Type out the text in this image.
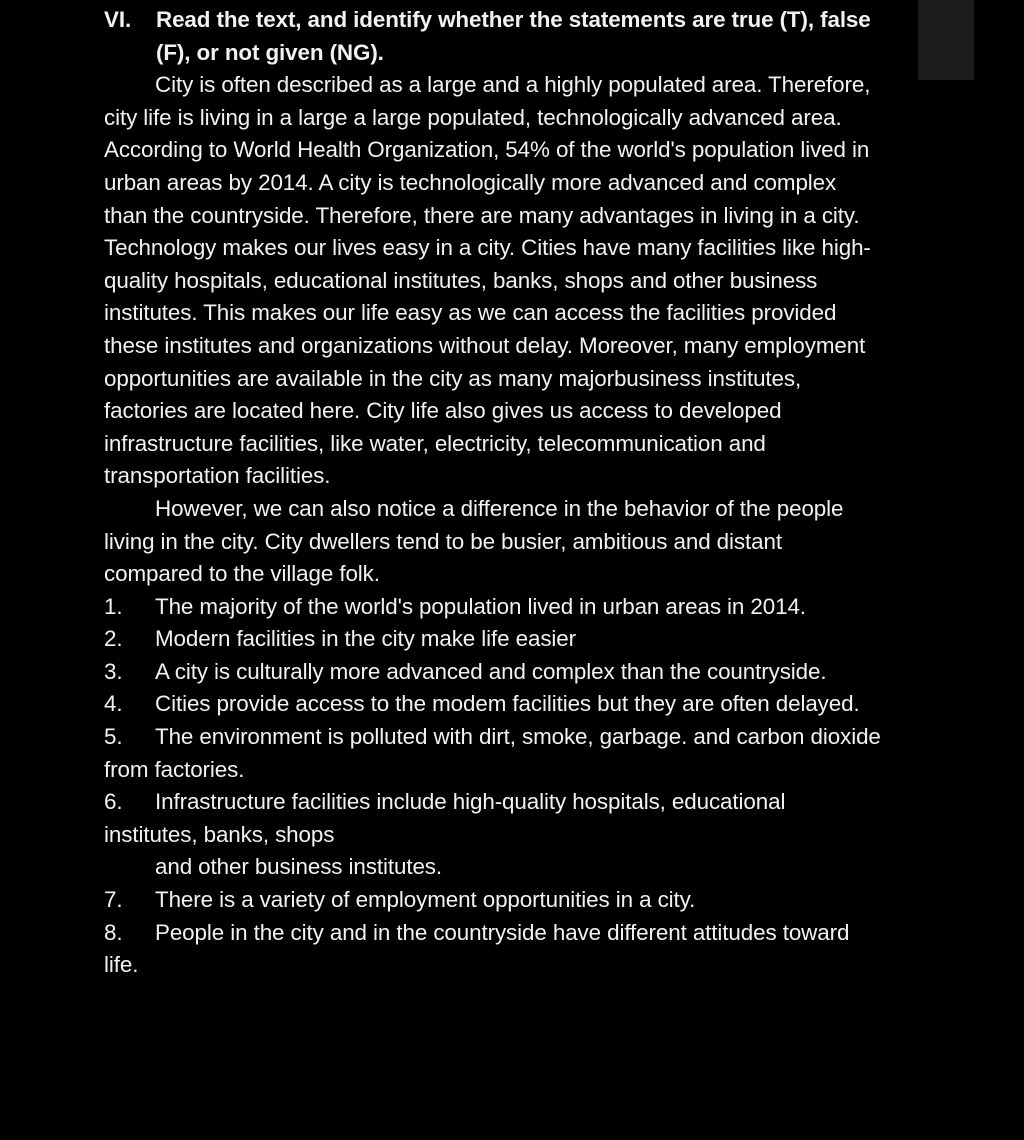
VI.	Read the text, and identify whether the statements are true (T), false (F), or not given (NG).

City is often described as a large and a highly populated area. Therefore, city life is living in a large a large populated, technologically advanced area. According to World Health Organization, 54% of the world's population lived in urban areas by 2014. A city is technologically more advanced and complex than the countryside. Therefore, there are many advantages in living in a city. Technology makes our lives easy in a city. Cities have many facilities like high-quality hospitals, educational institutes, banks, shops and other business institutes. This makes our life easy as we can access the facilities provided these institutes and organizations without delay. Moreover, many employment opportunities are available in the city as many majorbusiness institutes, factories are located here. City life also gives us access to developed infrastructure facilities, like water, electricity, telecommunication and transportation facilities.

However, we can also notice a difference in the behavior of the people living in the city. City dwellers tend to be busier, ambitious and distant compared to the village folk.

1. The majority of the world's population lived in urban areas in 2014.

2. Modern facilities in the city make life easier

3. A city is culturally more advanced and complex than the countryside.

4. Cities provide access to the modem facilities but they are often delayed.

5. The environment is polluted with dirt, smoke, garbage. and carbon dioxide from factories.

6. Infrastructure facilities include high-quality hospitals, educational institutes, banks, shops

and other business institutes.

7. There is a variety of employment opportunities in a city.

8. People in the city and in the countryside have different attitudes toward life.
